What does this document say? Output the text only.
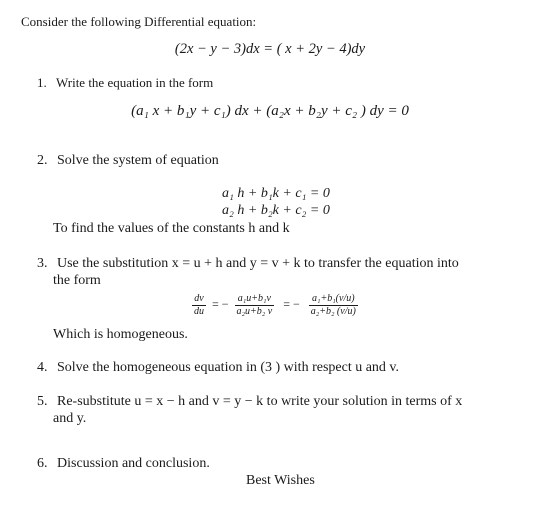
Consider the following Differential equation:
(2x − y − 3)dx = ( x + 2y − 4)dy
1. Write the equation in the form
(a₁ x + b₁y + c₁) dx + (a₂x + b₂y + c₂ ) dy = 0
2. Solve the system of equation
a₁ h + b₁k + c₁ = 0
a₂ h + b₂k + c₂ = 0
To find the values of the constants h and k
3. Use the substitution x = u + h and y = v + k to transfer the equation into
the form
$\frac{dv}{du}$ = − $\frac{\text{a₁u+b₁v}}{\text{a₂u+b₂ v}}$ = − $\frac{\text{a₁+b₁(v/u)}}{\text{a₂+b₂ (v/u)}}$
Which is homogeneous.
4. Solve the homogeneous equation in (3 ) with respect u and v.
5. Re-substitute u = x − h and v = y − k to write your solution in terms of x
and y.
6. Discussion and conclusion.
Best Wishes
